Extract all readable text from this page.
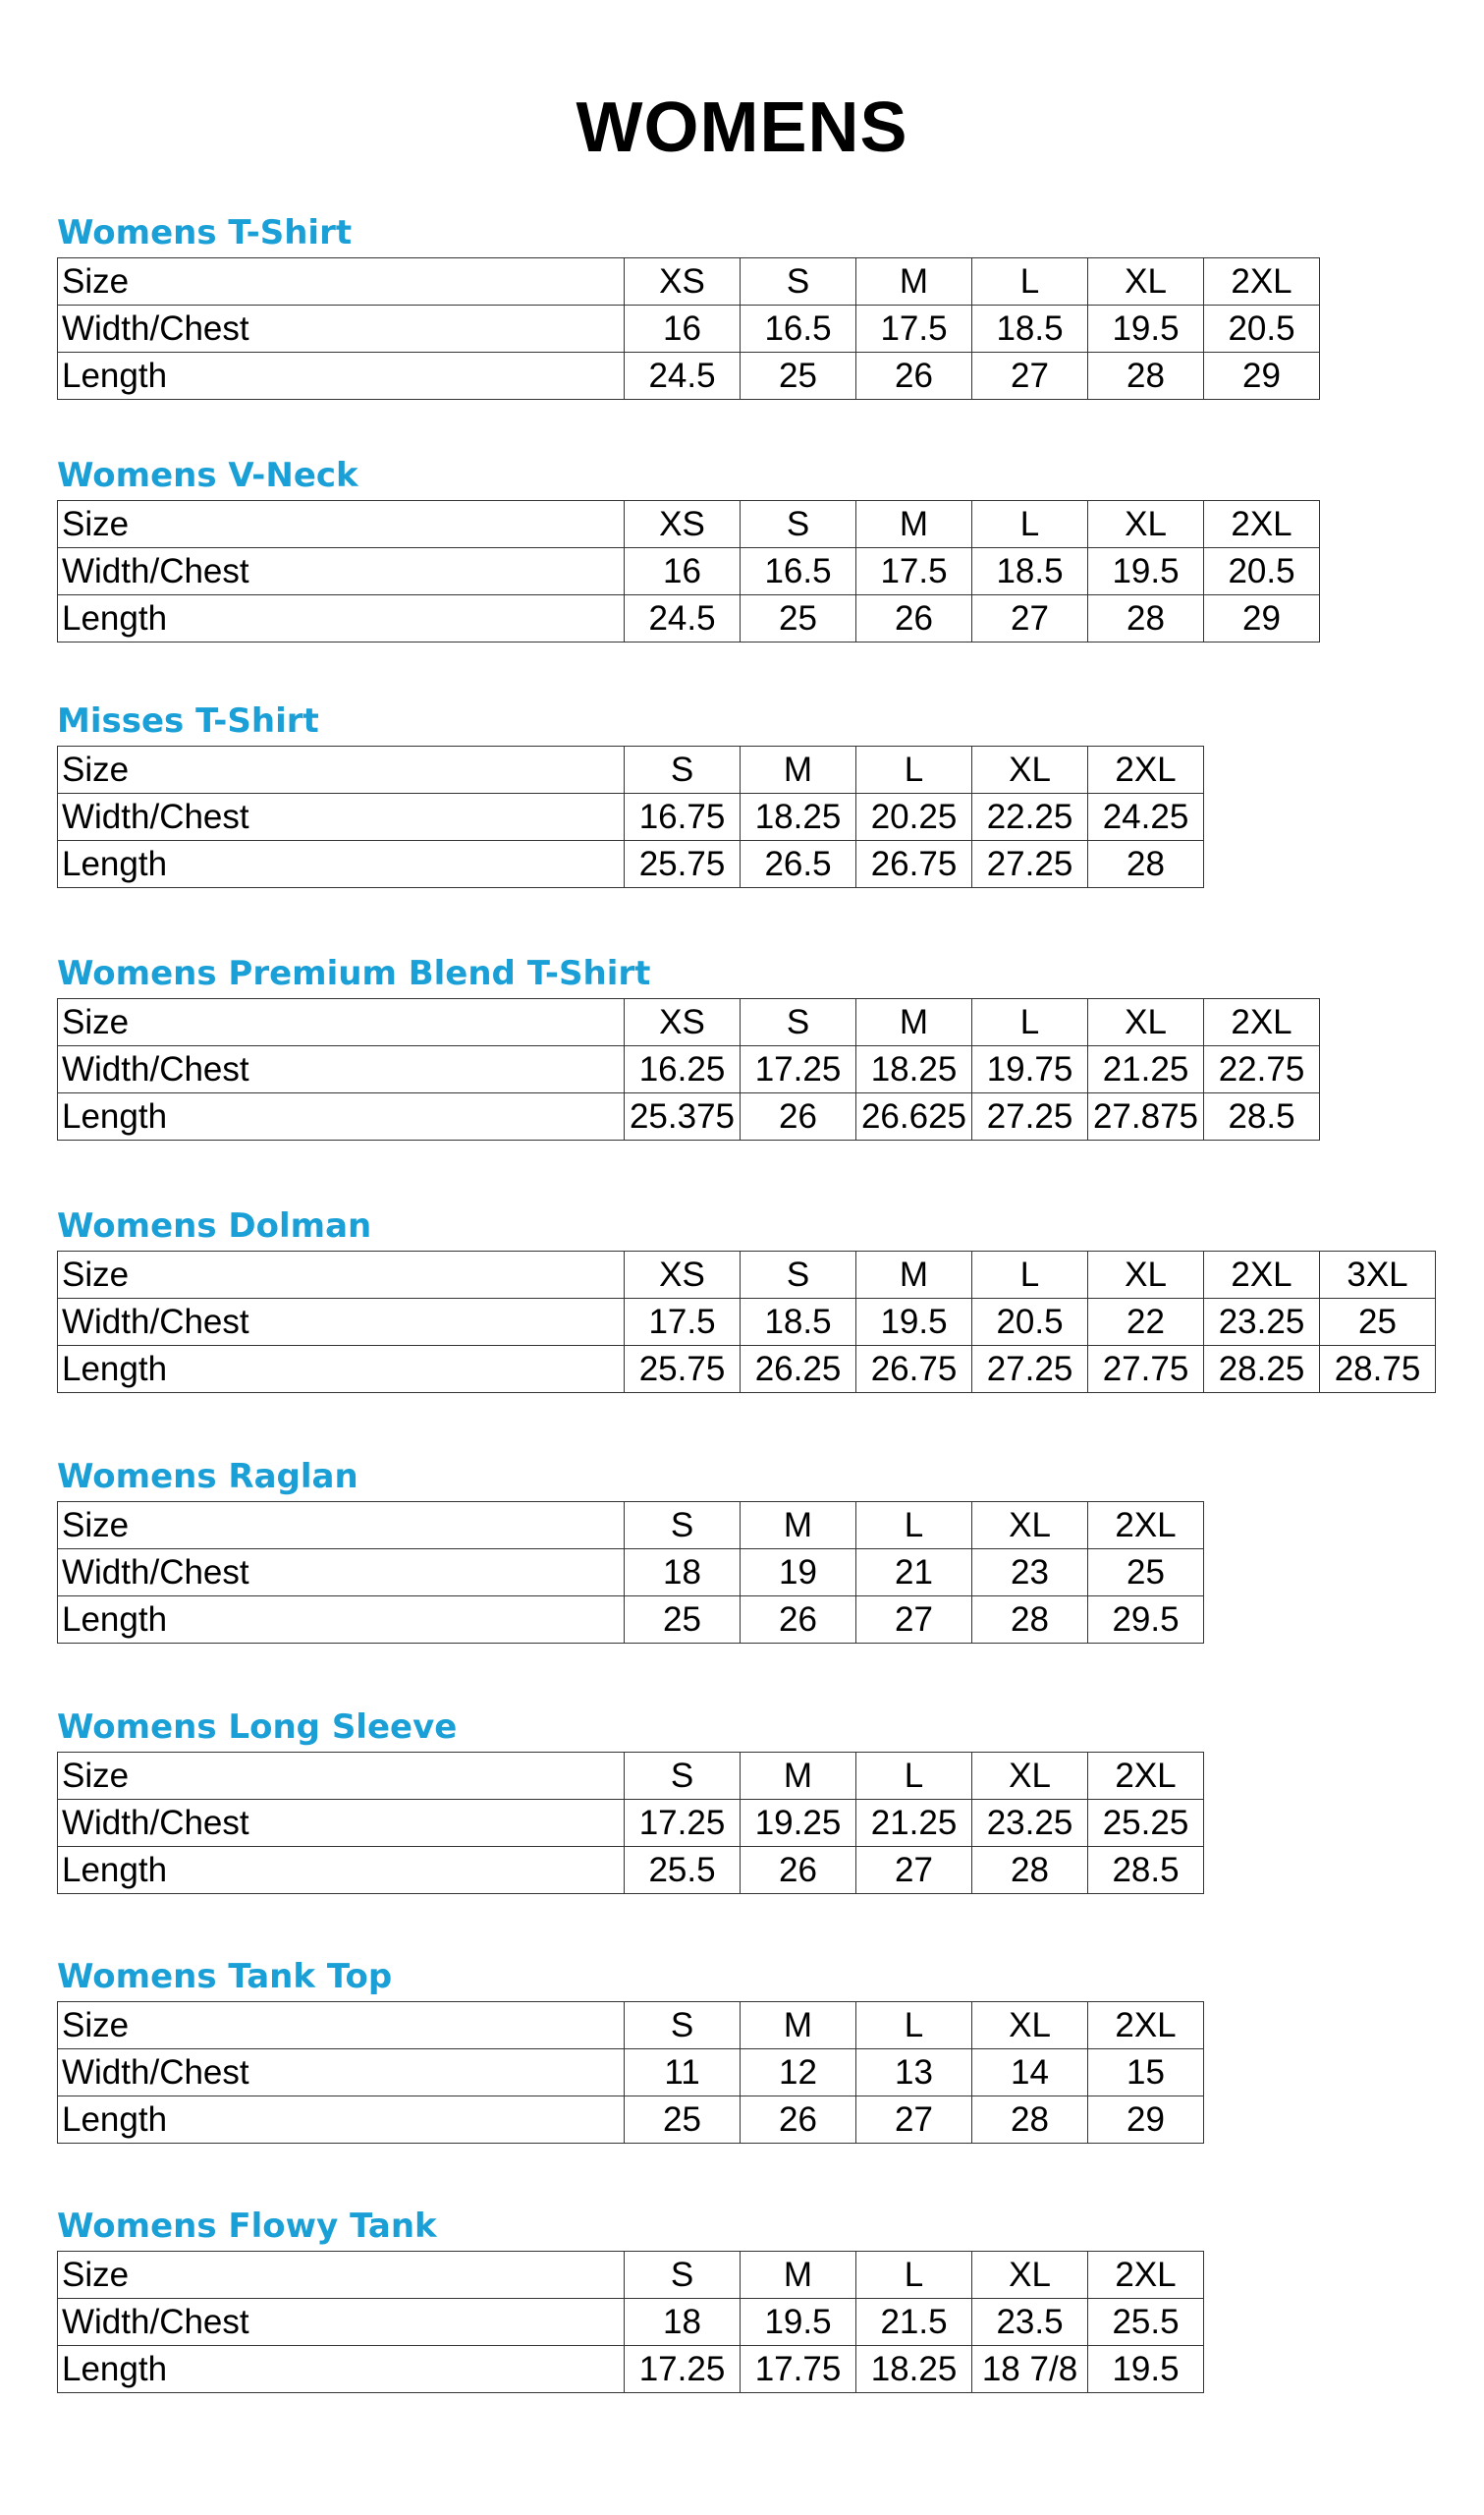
WOMENS
Womens T-Shirt
Size	XS	S	M	L	XL	2XL
Width/Chest	16	16.5	17.5	18.5	19.5	20.5
Length	24.5	25	26	27	28	29
Womens V-Neck
Size	XS	S	M	L	XL	2XL
Width/Chest	16	16.5	17.5	18.5	19.5	20.5
Length	24.5	25	26	27	28	29
Misses T-Shirt
Size	S	M	L	XL	2XL
Width/Chest	16.75	18.25	20.25	22.25	24.25
Length	25.75	26.5	26.75	27.25	28
Womens Premium Blend T-Shirt
Size	XS	S	M	L	XL	2XL
Width/Chest	16.25	17.25	18.25	19.75	21.25	22.75
Length	25.375	26	26.625	27.25	27.875	28.5
Womens Dolman
Size	XS	S	M	L	XL	2XL	3XL
Width/Chest	17.5	18.5	19.5	20.5	22	23.25	25
Length	25.75	26.25	26.75	27.25	27.75	28.25	28.75
Womens Raglan
Size	S	M	L	XL	2XL
Width/Chest	18	19	21	23	25
Length	25	26	27	28	29.5
Womens Long Sleeve
Size	S	M	L	XL	2XL
Width/Chest	17.25	19.25	21.25	23.25	25.25
Length	25.5	26	27	28	28.5
Womens Tank Top
Size	S	M	L	XL	2XL
Width/Chest	11	12	13	14	15
Length	25	26	27	28	29
Womens Flowy Tank
Size	S	M	L	XL	2XL
Width/Chest	18	19.5	21.5	23.5	25.5
Length	17.25	17.75	18.25	18 7/8	19.5
